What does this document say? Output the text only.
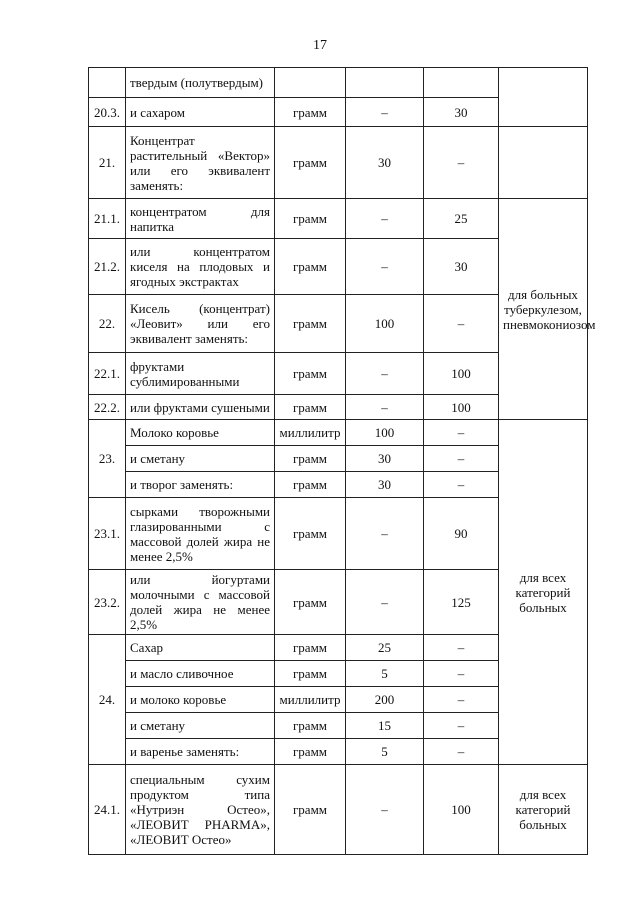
17
	твердым (полутвердым)				
20.3.	и сахаром	грамм	–	30	
21.	Концентрат растительный «Вектор» или его эквивалент заменять:	грамм	30	–	
21.1.	концентратом для напитка	грамм	–	25	для больных туберкулезом, пневмокониозом
21.2.	или концентратом киселя на плодовых и ягодных экстрактах	грамм	–	30	
22.	Кисель (концентрат) «Леовит» или его эквивалент заменять:	грамм	100	–	
22.1.	фруктами сублимированными	грамм	–	100	
22.2.	или фруктами сушеными	грамм	–	100	
23.	Молоко коровье	миллилитр	100	–	для всех категорий больных
	и сметану	грамм	30	–	
	и творог заменять:	грамм	30	–	
23.1.	сырками творожными глазированными с массовой долей жира не менее 2,5%	грамм	–	90	
23.2.	или йогуртами молочными с массовой долей жира не менее 2,5%	грамм	–	125	
24.	Сахар	грамм	25	–	
	и масло сливочное	грамм	5	–	
	и молоко коровье	миллилитр	200	–	
	и сметану	грамм	15	–	
	и варенье заменять:	грамм	5	–	
24.1.	специальным сухим продуктом типа «Нутриэн Остео», «ЛЕОВИТ PHARMA», «ЛЕОВИТ Остео»	грамм	–	100	для всех категорий больных
